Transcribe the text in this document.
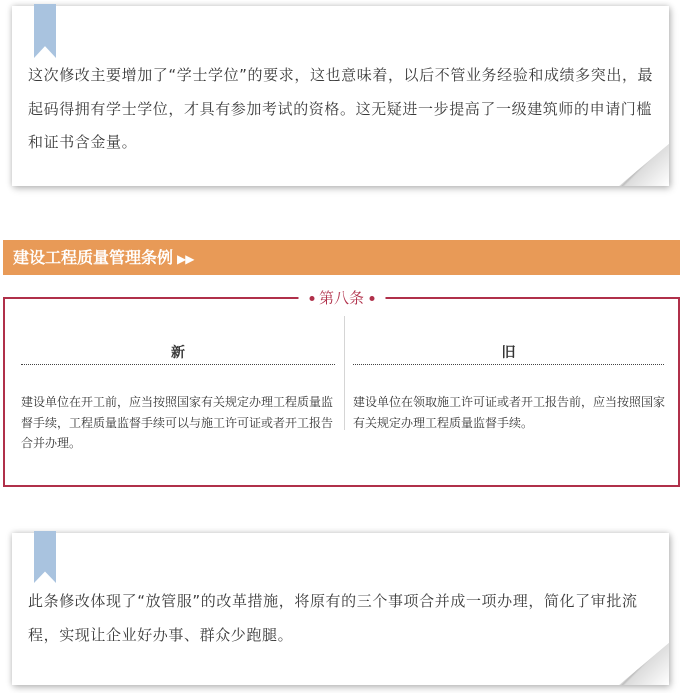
这次修改主要增加了“学士学位”的要求，这也意味着，以后不管业务经验和成绩多突出，最起码得拥有学士学位，才具有参加考试的资格。这无疑进一步提高了一级建筑师的申请门槛和证书含金量。

建设工程质量管理条例 ▶▶
第八条
新

建设单位在开工前，应当按照国家有关规定办理工程质量监督手续，工程质量监督手续可以与施工许可证或者开工报告合并办理。

旧

建设单位在领取施工许可证或者开工报告前，应当按照国家有关规定办理工程质量监督手续。

此条修改体现了“放管服”的改革措施，将原有的三个事项合并成一项办理，简化了审批流程，实现让企业好办事、群众少跑腿。
